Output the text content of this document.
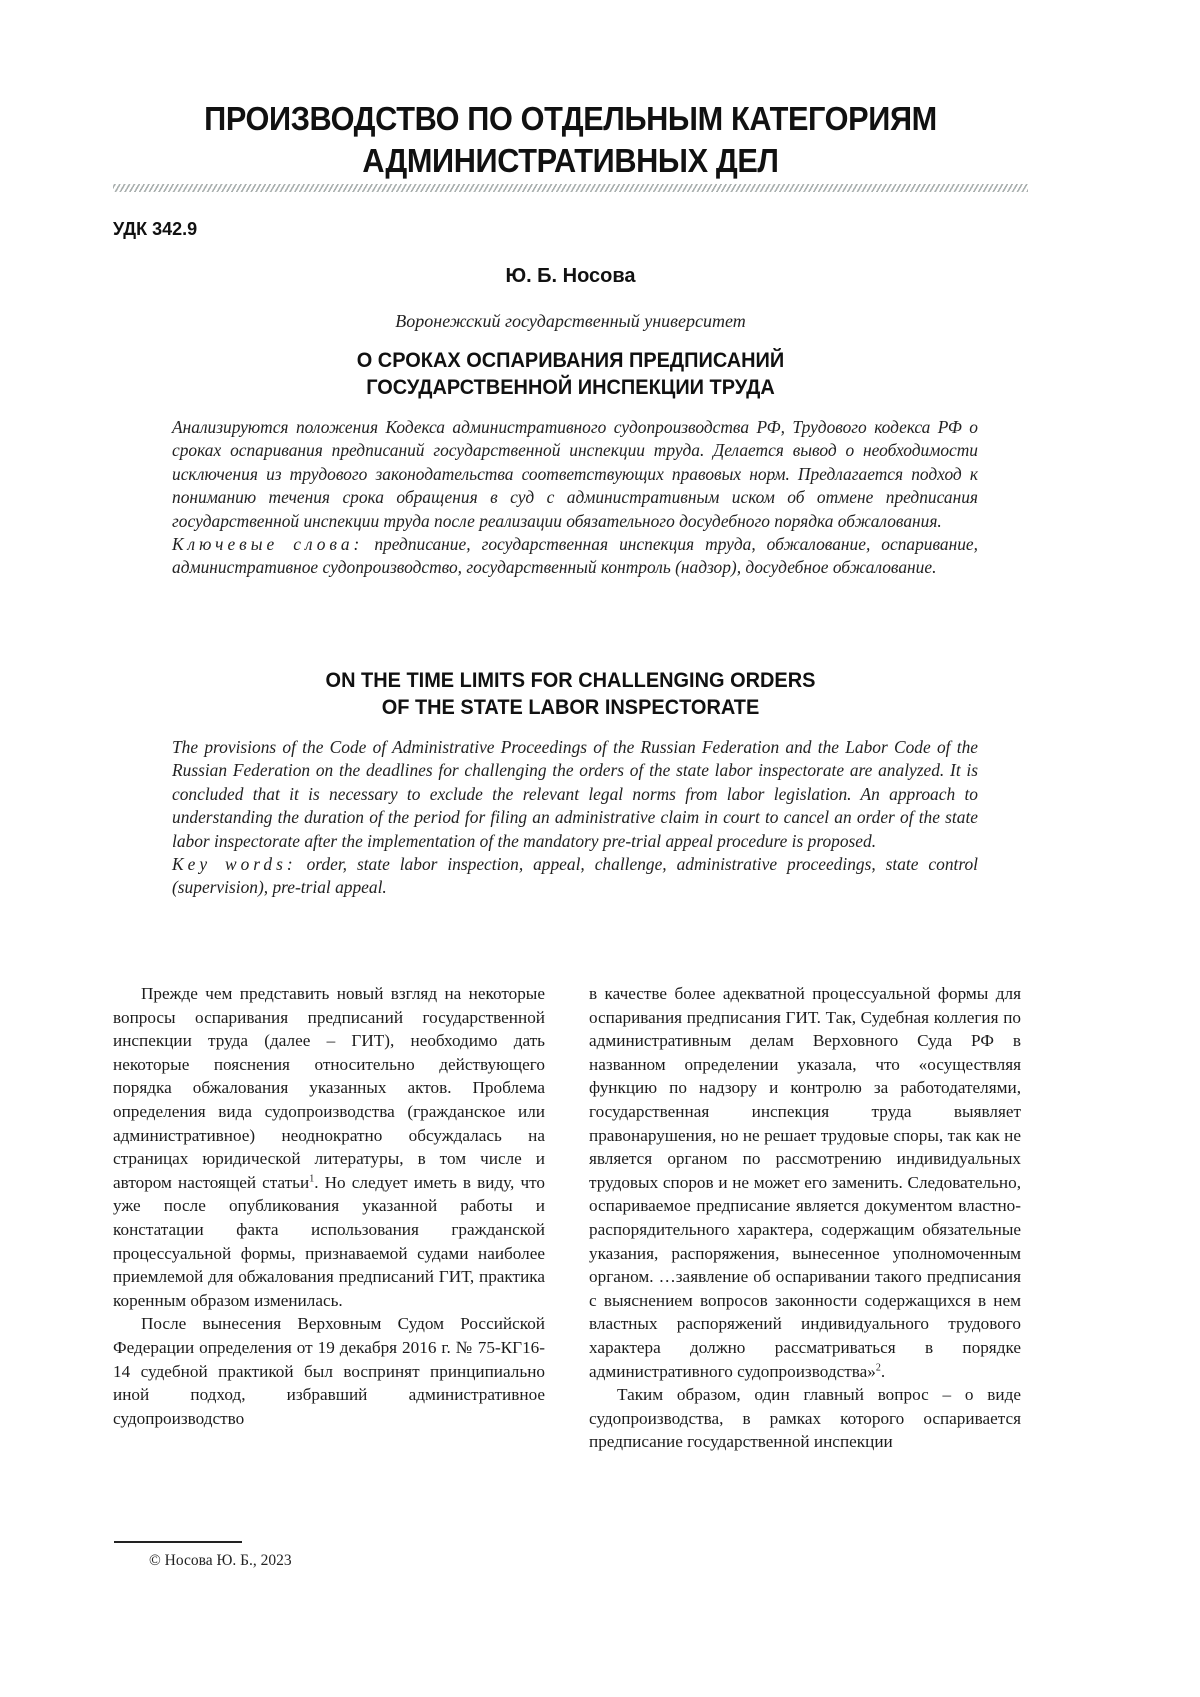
ПРОИЗВОДСТВО ПО ОТДЕЛЬНЫМ КАТЕГОРИЯМ
АДМИНИСТРАТИВНЫХ ДЕЛ
УДК 342.9
Ю. Б. Носова
Воронежский государственный университет
О СРОКАХ ОСПАРИВАНИЯ ПРЕДПИСАНИЙ
ГОСУДАРСТВЕННОЙ ИНСПЕКЦИИ ТРУДА

Анализируются положения Кодекса административного судопроизводства РФ, Трудового кодекса РФ о сроках оспаривания предписаний государственной инспекции труда. Делается вывод о необходимости исключения из трудового законодательства соответствующих правовых норм. Предлагается подход к пониманию течения срока обращения в суд с административным иском об отмене предписания государственной инспекции труда после реализации обязательного досудебного порядка обжалования.

Ключевые слова: предписание, государственная инспекция труда, обжалование, оспаривание, административное судопроизводство, государственный контроль (надзор), досудебное обжалование.

ON THE TIME LIMITS FOR CHALLENGING ORDERS
OF THE STATE LABOR INSPECTORATE

The provisions of the Code of Administrative Proceedings of the Russian Federation and the Labor Code of the Russian Federation on the deadlines for challenging the orders of the state labor inspectorate are analyzed. It is concluded that it is necessary to exclude the relevant legal norms from labor legislation. An approach to understanding the duration of the period for filing an administrative claim in court to cancel an order of the state labor inspectorate after the implementation of the mandatory pre-trial appeal procedure is proposed.

Key words: order, state labor inspection, appeal, challenge, administrative proceedings, state control (supervision), pre-trial appeal.

Прежде чем представить новый взгляд на некоторые вопросы оспаривания предписаний государственной инспекции труда (далее – ГИТ), необходимо дать некоторые пояснения относительно действующего порядка обжалования указанных актов. Проблема определения вида судопроизводства (гражданское или административное) неоднократно обсуждалась на страницах юридической литературы, в том числе и автором настоящей статьи$^1$. Но следует иметь в виду, что уже после опубликования указанной работы и констатации факта использования гражданской процессуальной формы, признаваемой судами наиболее приемлемой для обжалования предписаний ГИТ, практика коренным образом изменилась.

После вынесения Верховным Судом Российской Федерации определения от 19 декабря 2016 г. № 75-КГ16-14 судебной практикой был воспринят принципиально иной подход, избравший административное судопроизводство

в качестве более адекватной процессуальной формы для оспаривания предписания ГИТ. Так, Судебная коллегия по административным делам Верховного Суда РФ в названном определении указала, что «осуществляя функцию по надзору и контролю за работодателями, государственная инспекция труда выявляет правонарушения, но не решает трудовые споры, так как не является органом по рассмотрению индивидуальных трудовых споров и не может его заменить. Следовательно, оспариваемое предписание является документом властно-распорядительного характера, содержащим обязательные указания, распоряжения, вынесенное уполномоченным органом. …заявление об оспаривании такого предписания с выяснением вопросов законности содержащихся в нем властных распоряжений индивидуального трудового характера должно рассматриваться в порядке административного судопроизводства»$^2$.

Таким образом, один главный вопрос – о виде судопроизводства, в рамках которого оспаривается предписание государственной инспекции

© Носова Ю. Б., 2023
